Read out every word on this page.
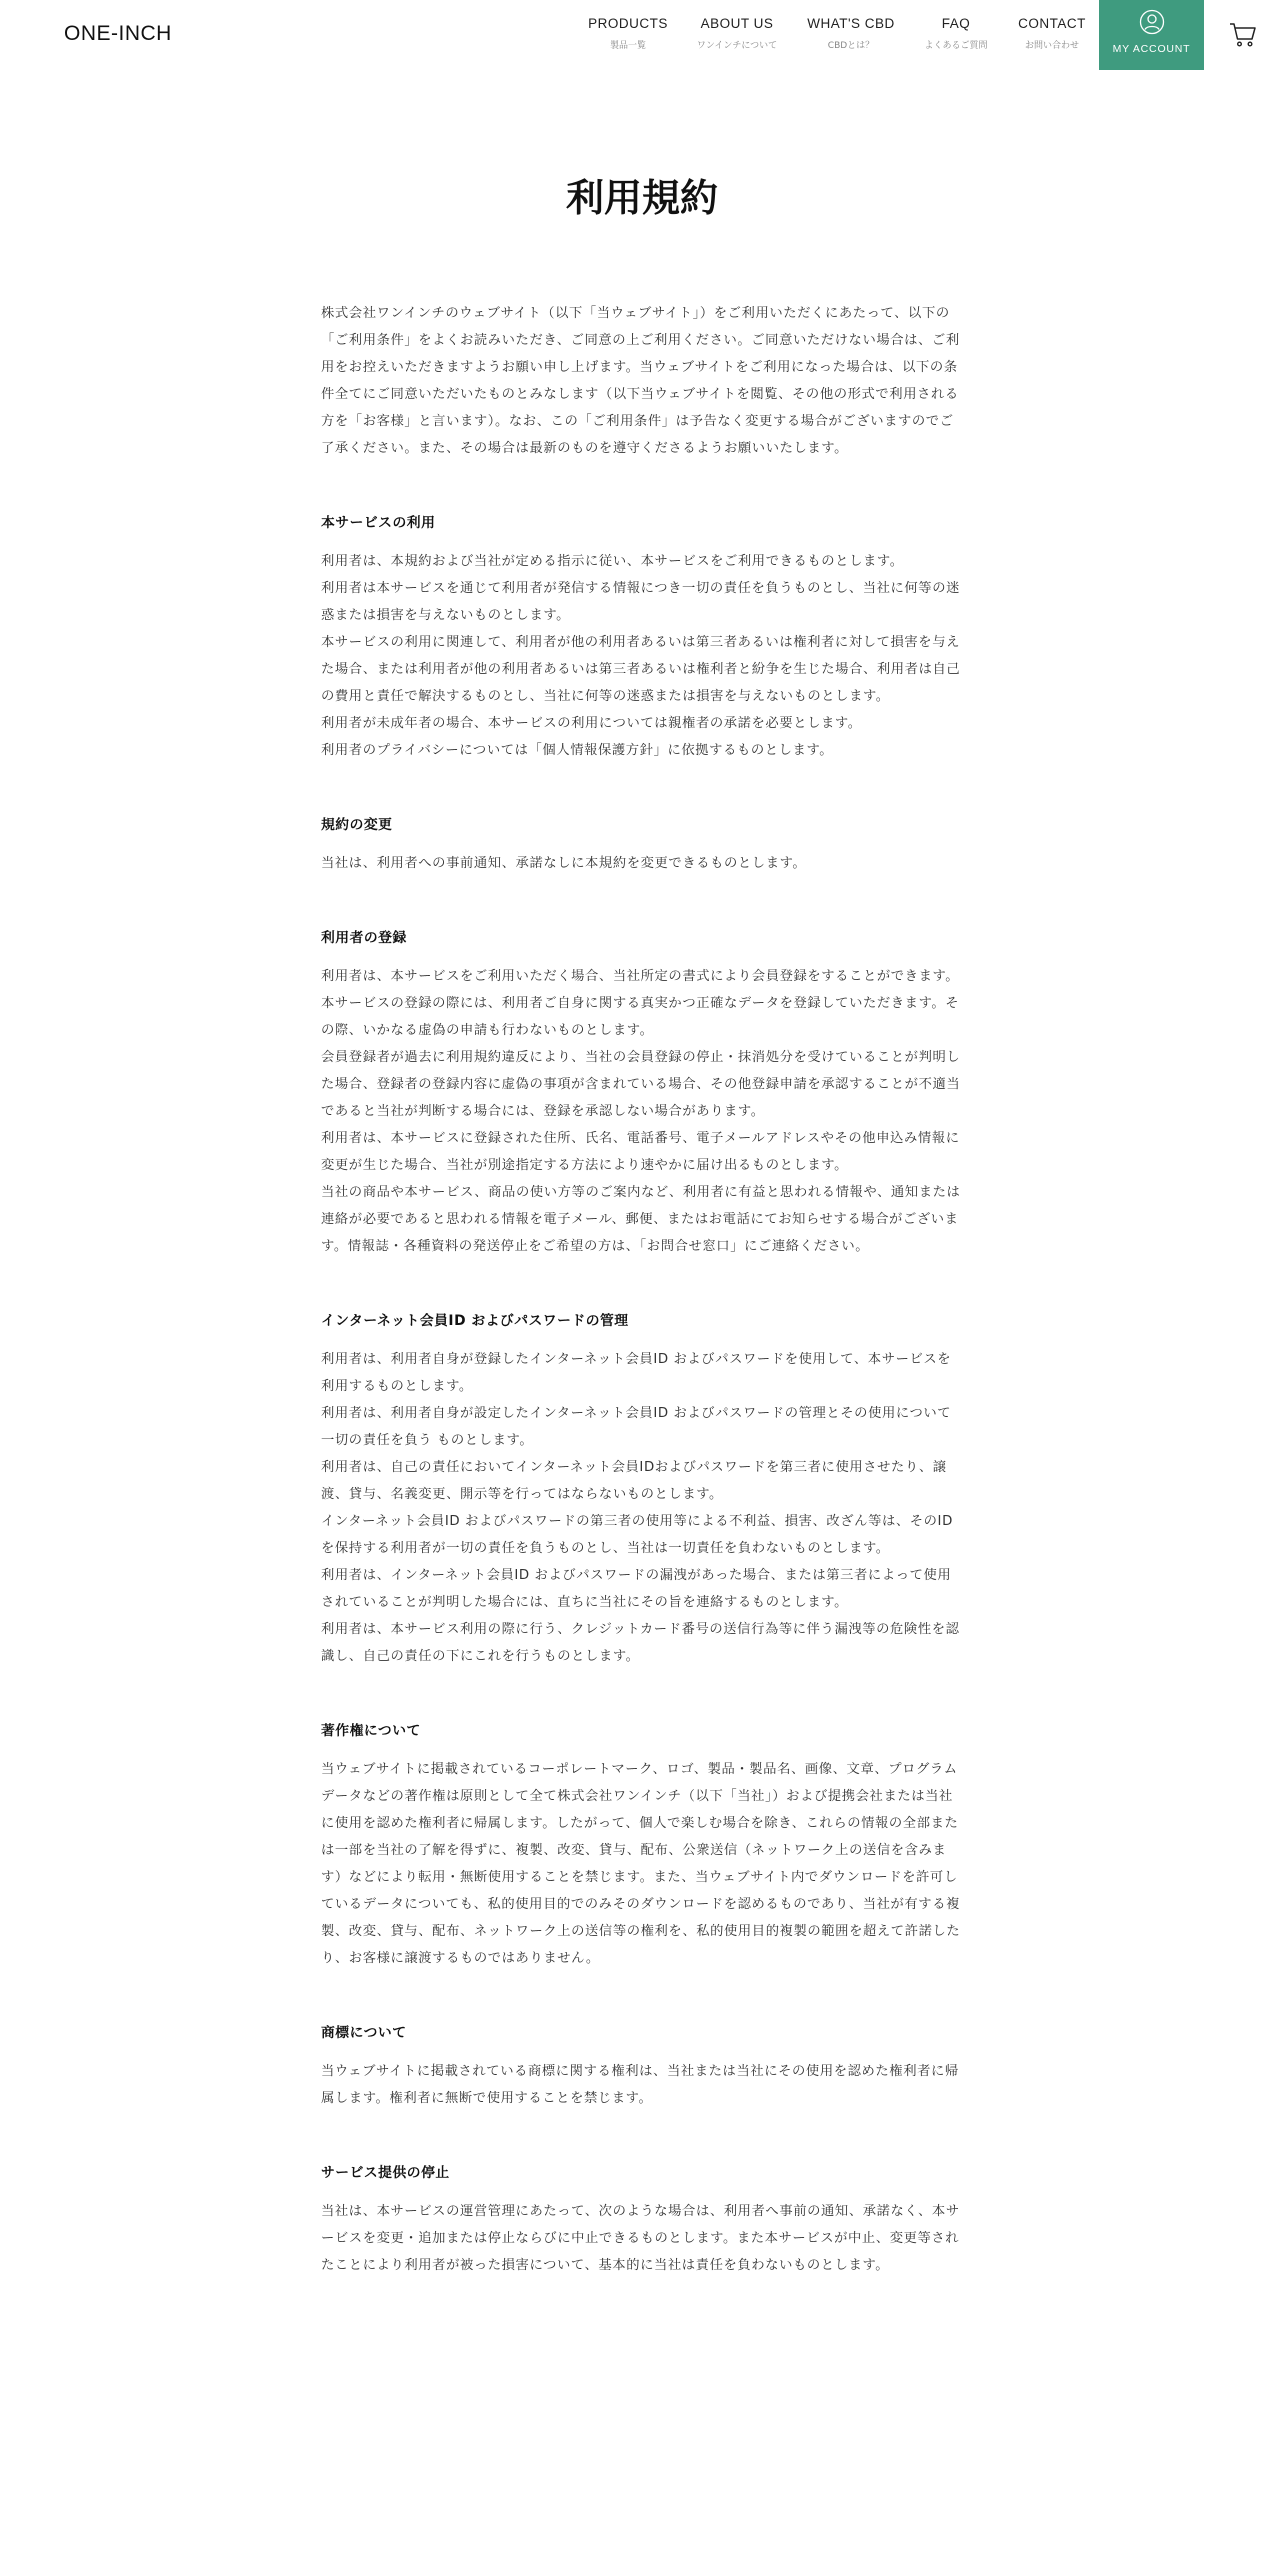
ONE-INCH	PRODUCTS
製品一覧
ABOUT US
ワンインチについて
WHAT'S CBD
CBDとは？
FAQ
よくあるご質問
CONTACT
お問い合わせ	MY ACCOUNT
利用規約

株式会社ワンインチのウェブサイト（以下「当ウェブサイト」）をご利用いただくにあたって、以下の「ご利用条件」をよくお読みいただき、ご同意の上ご利用ください。ご同意いただけない場合は、ご利用をお控えいただきますようお願い申し上げます。当ウェブサイトをご利用になった場合は、以下の条件全てにご同意いただいたものとみなします（以下当ウェブサイトを閲覧、その他の形式で利用される方を「お客様」と言います）。なお、この「ご利用条件」は予告なく変更する場合がございますのでご了承ください。また、その場合は最新のものを遵守くださるようお願いいたします。

本サービスの利用

利用者は、本規約および当社が定める指示に従い、本サービスをご利用できるものとします。

利用者は本サービスを通じて利用者が発信する情報につき一切の責任を負うものとし、当社に何等の迷惑または損害を与えないものとします。

本サービスの利用に関連して、利用者が他の利用者あるいは第三者あるいは権利者に対して損害を与えた場合、または利用者が他の利用者あるいは第三者あるいは権利者と紛争を生じた場合、利用者は自己の費用と責任で解決するものとし、当社に何等の迷惑または損害を与えないものとします。

利用者が未成年者の場合、本サービスの利用については親権者の承諾を必要とします。

利用者のプライバシーについては「個人情報保護方針」に依拠するものとします。

規約の変更

当社は、利用者への事前通知、承諾なしに本規約を変更できるものとします。

利用者の登録

利用者は、本サービスをご利用いただく場合、当社所定の書式により会員登録をすることができます。

本サービスの登録の際には、利用者ご自身に関する真実かつ正確なデータを登録していただきます。その際、いかなる虚偽の申請も行わないものとします。

会員登録者が過去に利用規約違反により、当社の会員登録の停止・抹消処分を受けていることが判明した場合、登録者の登録内容に虚偽の事項が含まれている場合、その他登録申請を承認することが不適当であると当社が判断する場合には、登録を承認しない場合があります。

利用者は、本サービスに登録された住所、氏名、電話番号、電子メールアドレスやその他申込み情報に変更が生じた場合、当社が別途指定する方法により速やかに届け出るものとします。

当社の商品や本サービス、商品の使い方等のご案内など、利用者に有益と思われる情報や、通知または連絡が必要であると思われる情報を電子メール、郵便、またはお電話にてお知らせする場合がございます。情報誌・各種資料の発送停止をご希望の方は、「お問合せ窓口」にご連絡ください。

インターネット会員ID およびパスワードの管理

利用者は、利用者自身が登録したインターネット会員ID およびパスワードを使用して、本サービスを利用するものとします。

利用者は、利用者自身が設定したインターネット会員ID およびパスワードの管理とその使用について一切の責任を負う ものとします。

利用者は、自己の責任においてインターネット会員IDおよびパスワードを第三者に使用させたり、譲渡、貸与、名義変更、開示等を行ってはならないものとします。

インターネット会員ID およびパスワードの第三者の使用等による不利益、損害、改ざん等は、そのIDを保持する利用者が一切の責任を負うものとし、当社は一切責任を負わないものとします。

利用者は、インターネット会員ID およびパスワードの漏洩があった場合、または第三者によって使用されていることが判明した場合には、直ちに当社にその旨を連絡するものとします。

利用者は、本サービス利用の際に行う、クレジットカード番号の送信行為等に伴う漏洩等の危険性を認識し、自己の責任の下にこれを行うものとします。

著作権について

当ウェブサイトに掲載されているコーポレートマーク、ロゴ、製品・製品名、画像、文章、プログラムデータなどの著作権は原則として全て株式会社ワンインチ（以下「当社」）および提携会社または当社に使用を認めた権利者に帰属します。したがって、個人で楽しむ場合を除き、これらの情報の全部または一部を当社の了解を得ずに、複製、改変、貸与、配布、公衆送信（ネットワーク上の送信を含みます）などにより転用・無断使用することを禁じます。また、当ウェブサイト内でダウンロードを許可しているデータについても、私的使用目的でのみそのダウンロードを認めるものであり、当社が有する複製、改変、貸与、配布、ネットワーク上の送信等の権利を、私的使用目的複製の範囲を超えて許諾したり、お客様に譲渡するものではありません。

商標について

当ウェブサイトに掲載されている商標に関する権利は、当社または当社にその使用を認めた権利者に帰属します。権利者に無断で使用することを禁じます。

サービス提供の停止

当社は、本サービスの運営管理にあたって、次のような場合は、利用者へ事前の通知、承諾なく、本サービスを変更・追加または停止ならびに中止できるものとします。また本サービスが中止、変更等されたことにより利用者が被った損害について、基本的に当社は責任を負わないものとします。
